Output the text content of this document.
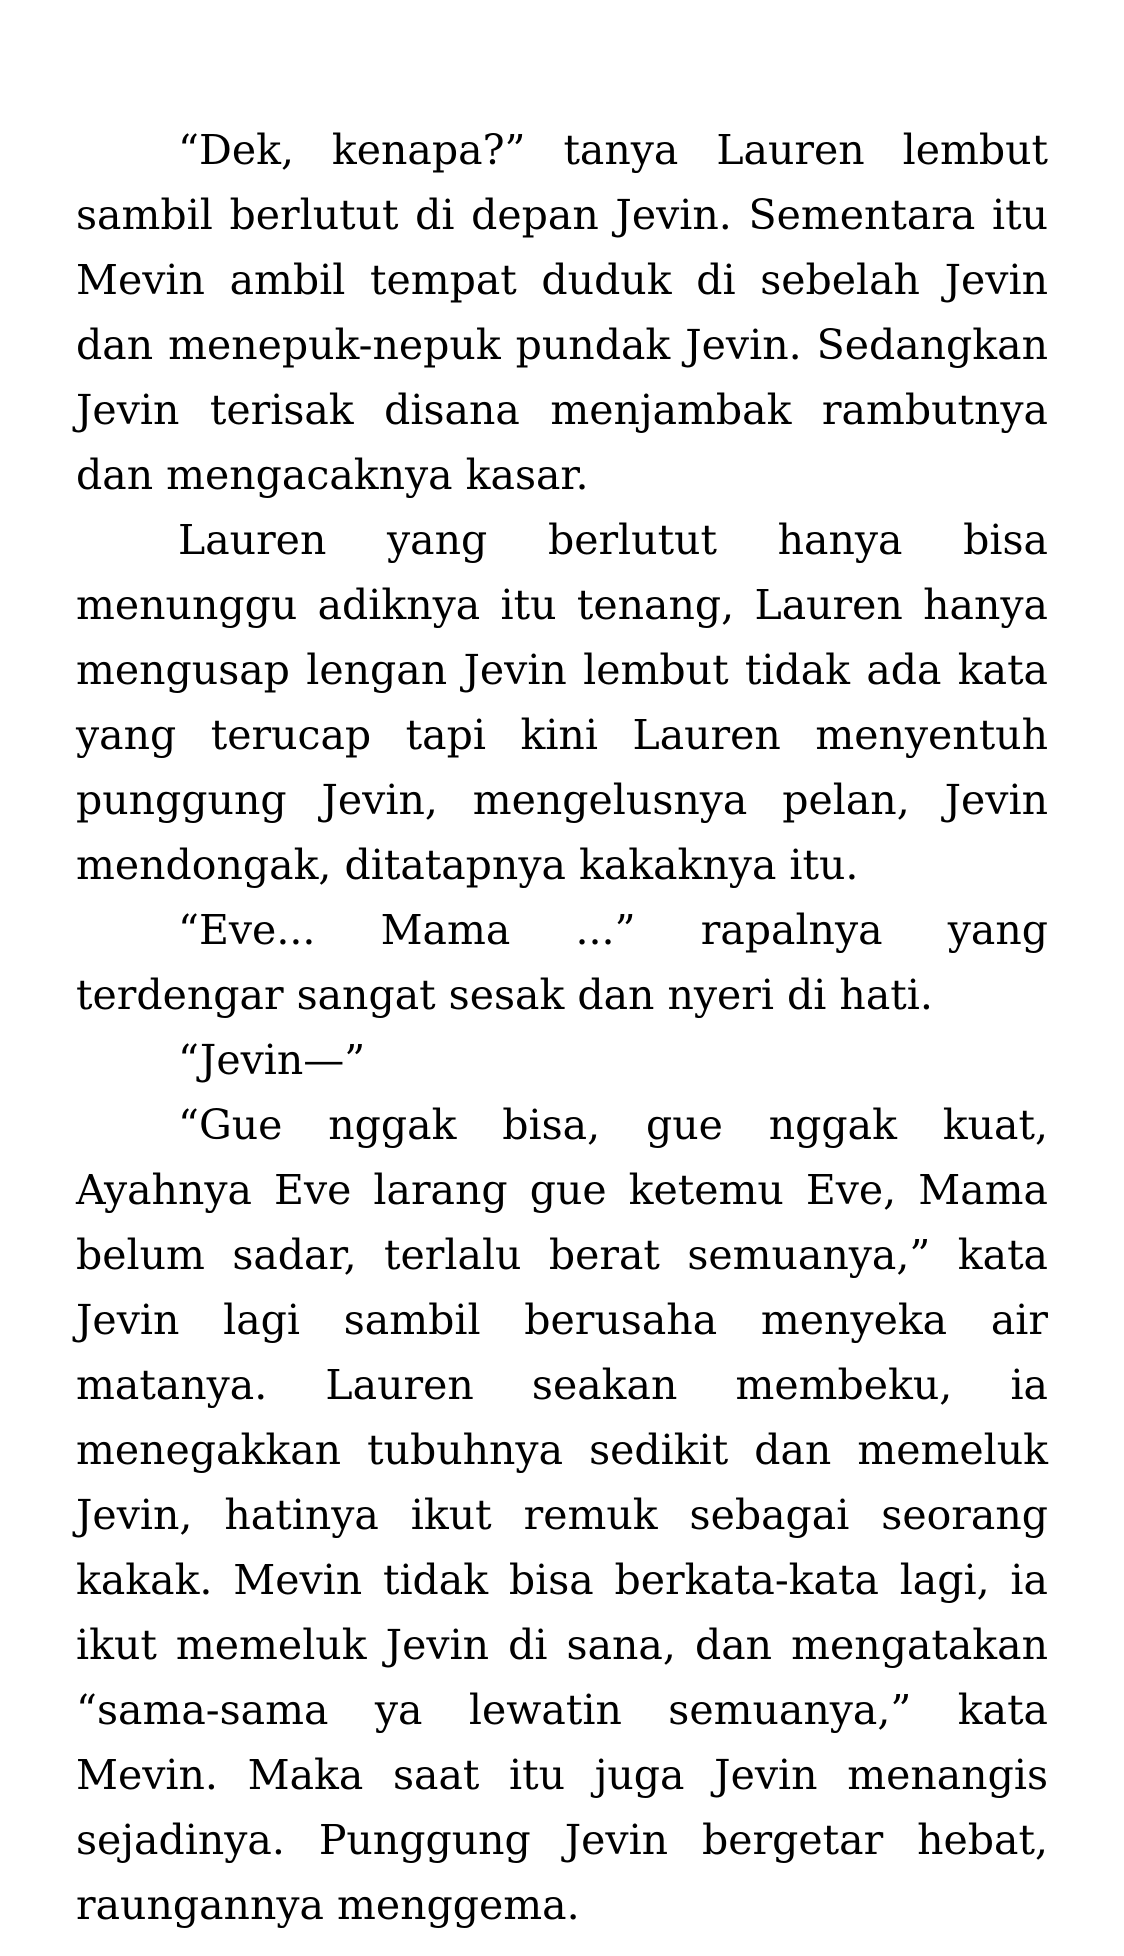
“Dek, kenapa?” tanya Lauren lembut sambil berlutut di depan Jevin. Sementara itu Mevin ambil tempat duduk di sebelah Jevin dan menepuk-nepuk pundak Jevin. Sedangkan Jevin terisak disana menjambak rambutnya dan mengacaknya kasar.

Lauren yang berlutut hanya bisa menunggu adiknya itu tenang, Lauren hanya mengusap lengan Jevin lembut tidak ada kata yang terucap tapi kini Lauren menyentuh punggung Jevin, mengelusnya pelan, Jevin mendongak, ditatapnya kakaknya itu.

“Eve... Mama ...” rapalnya yang terdengar sangat sesak dan nyeri di hati.

“Jevin—”

“Gue nggak bisa, gue nggak kuat, Ayahnya Eve larang gue ketemu Eve, Mama belum sadar, terlalu berat semuanya,” kata Jevin lagi sambil berusaha menyeka air matanya. Lauren seakan membeku, ia menegakkan tubuhnya sedikit dan memeluk Jevin, hatinya ikut remuk sebagai seorang kakak. Mevin tidak bisa berkata-kata lagi, ia ikut memeluk Jevin di sana, dan mengatakan “sama-sama ya lewatin semuanya,” kata Mevin. Maka saat itu juga Jevin menangis sejadinya. Punggung Jevin bergetar hebat, raungannya menggema.
